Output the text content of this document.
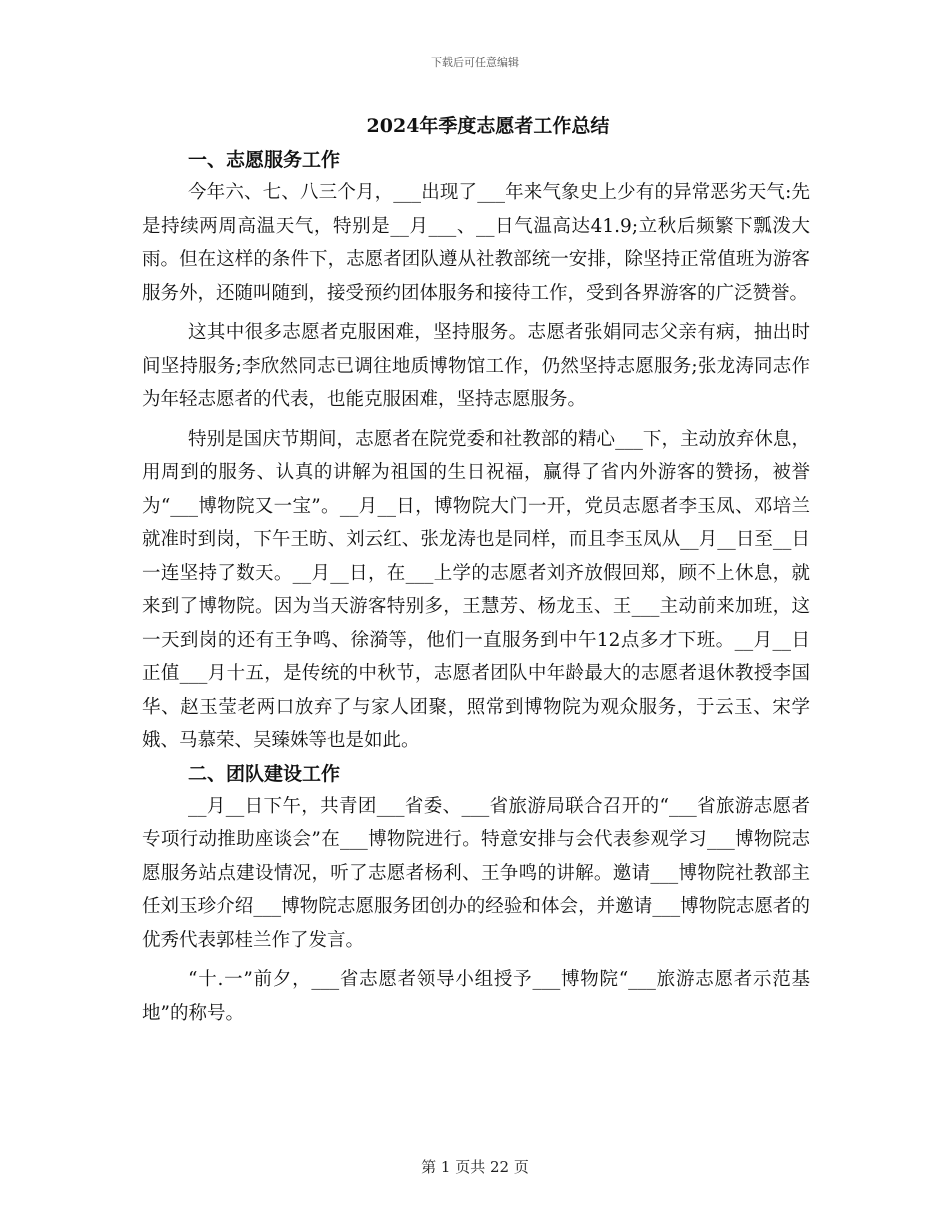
下载后可任意编辑
2024年季度志愿者工作总结
一、志愿服务工作

今年六、七、八三个月，___出现了___年来气象史上少有的异常恶劣天气:先是持续两周高温天气，特别是__月___、__日气温高达41.9;立秋后频繁下瓢泼大雨。但在这样的条件下，志愿者团队遵从社教部统一安排，除坚持正常值班为游客服务外，还随叫随到，接受预约团体服务和接待工作，受到各界游客的广泛赞誉。

这其中很多志愿者克服困难，坚持服务。志愿者张娟同志父亲有病，抽出时间坚持服务;李欣然同志已调往地质博物馆工作，仍然坚持志愿服务;张龙涛同志作为年轻志愿者的代表，也能克服困难，坚持志愿服务。

特别是国庆节期间，志愿者在院党委和社教部的精心___下，主动放弃休息，用周到的服务、认真的讲解为祖国的生日祝福，赢得了省内外游客的赞扬，被誉为“___博物院又一宝”。__月__日，博物院大门一开，党员志愿者李玉凤、邓培兰就准时到岗，下午王昉、刘云红、张龙涛也是同样，而且李玉凤从__月__日至__日一连坚持了数天。__月__日，在___上学的志愿者刘齐放假回郑，顾不上休息，就来到了博物院。因为当天游客特别多，王慧芳、杨龙玉、王___主动前来加班，这一天到岗的还有王争鸣、徐漪等，他们一直服务到中午12点多才下班。__月__日正值___月十五，是传统的中秋节，志愿者团队中年龄最大的志愿者退休教授李国华、赵玉莹老两口放弃了与家人团聚，照常到博物院为观众服务，于云玉、宋学娥、马慕荣、吴臻姝等也是如此。

二、团队建设工作

__月__日下午，共青团___省委、___省旅游局联合召开的“___省旅游志愿者专项行动推助座谈会”在___博物院进行。特意安排与会代表参观学习___博物院志愿服务站点建设情况，听了志愿者杨利、王争鸣的讲解。邀请___博物院社教部主任刘玉珍介绍___博物院志愿服务团创办的经验和体会，并邀请___博物院志愿者的优秀代表郭桂兰作了发言。

“十.一”前夕，___省志愿者领导小组授予___博物院“___旅游志愿者示范基地”的称号。

第 1 页共 22 页
